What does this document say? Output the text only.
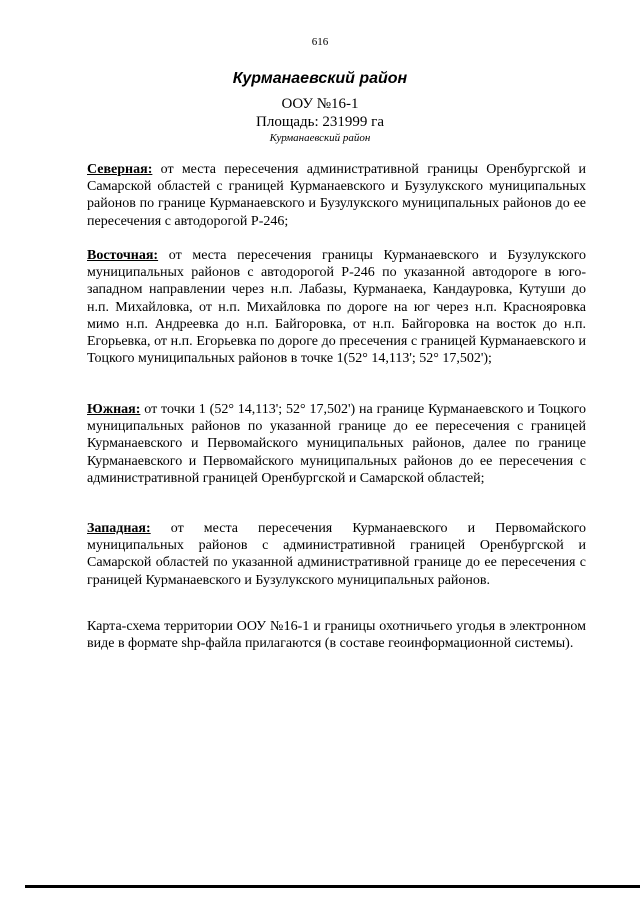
616
Курманаевский район
ООУ №16-1
Площадь: 231999 га
Курманаевский район
Северная: от места пересечения административной границы Оренбургской и Самарской областей с границей Курманаевского и Бузулукского муниципальных районов по границе Курманаевского и Бузулукского муниципальных районов до ее пересечения с автодорогой Р-246;
Восточная: от места пересечения границы Курманаевского и Бузулукского муниципальных районов с автодорогой Р-246 по указанной автодороге в юго-западном направлении через н.п. Лабазы, Курманаека, Кандауровка, Кутуши до н.п. Михайловка, от н.п. Михайловка по дороге на юг через н.п. Краснояровка мимо н.п. Андреевка до н.п. Байгоровка, от н.п. Байгоровка на восток до н.п. Егорьевка, от н.п. Егорьевка по дороге до пресечения с границей Курманаевского и Тоцкого муниципальных районов в точке 1(52° 14,113'; 52° 17,502');
Южная: от точки 1 (52° 14,113'; 52° 17,502') на границе Курманаевского и Тоцкого муниципальных районов по указанной границе до ее пересечения с границей Курманаевского и Первомайского муниципальных районов, далее по границе Курманаевского и Первомайского муниципальных районов до ее пересечения с административной границей Оренбургской и Самарской областей;
Западная: от места пересечения Курманаевского и Первомайского муниципальных районов с административной границей Оренбургской и Самарской областей по указанной административной границе до ее пересечения с границей Курманаевского и Бузулукского муниципальных районов.
Карта-схема территории ООУ №16-1 и границы охотничьего угодья в электронном виде в формате shp-файла прилагаются (в составе геоинформационной системы).
